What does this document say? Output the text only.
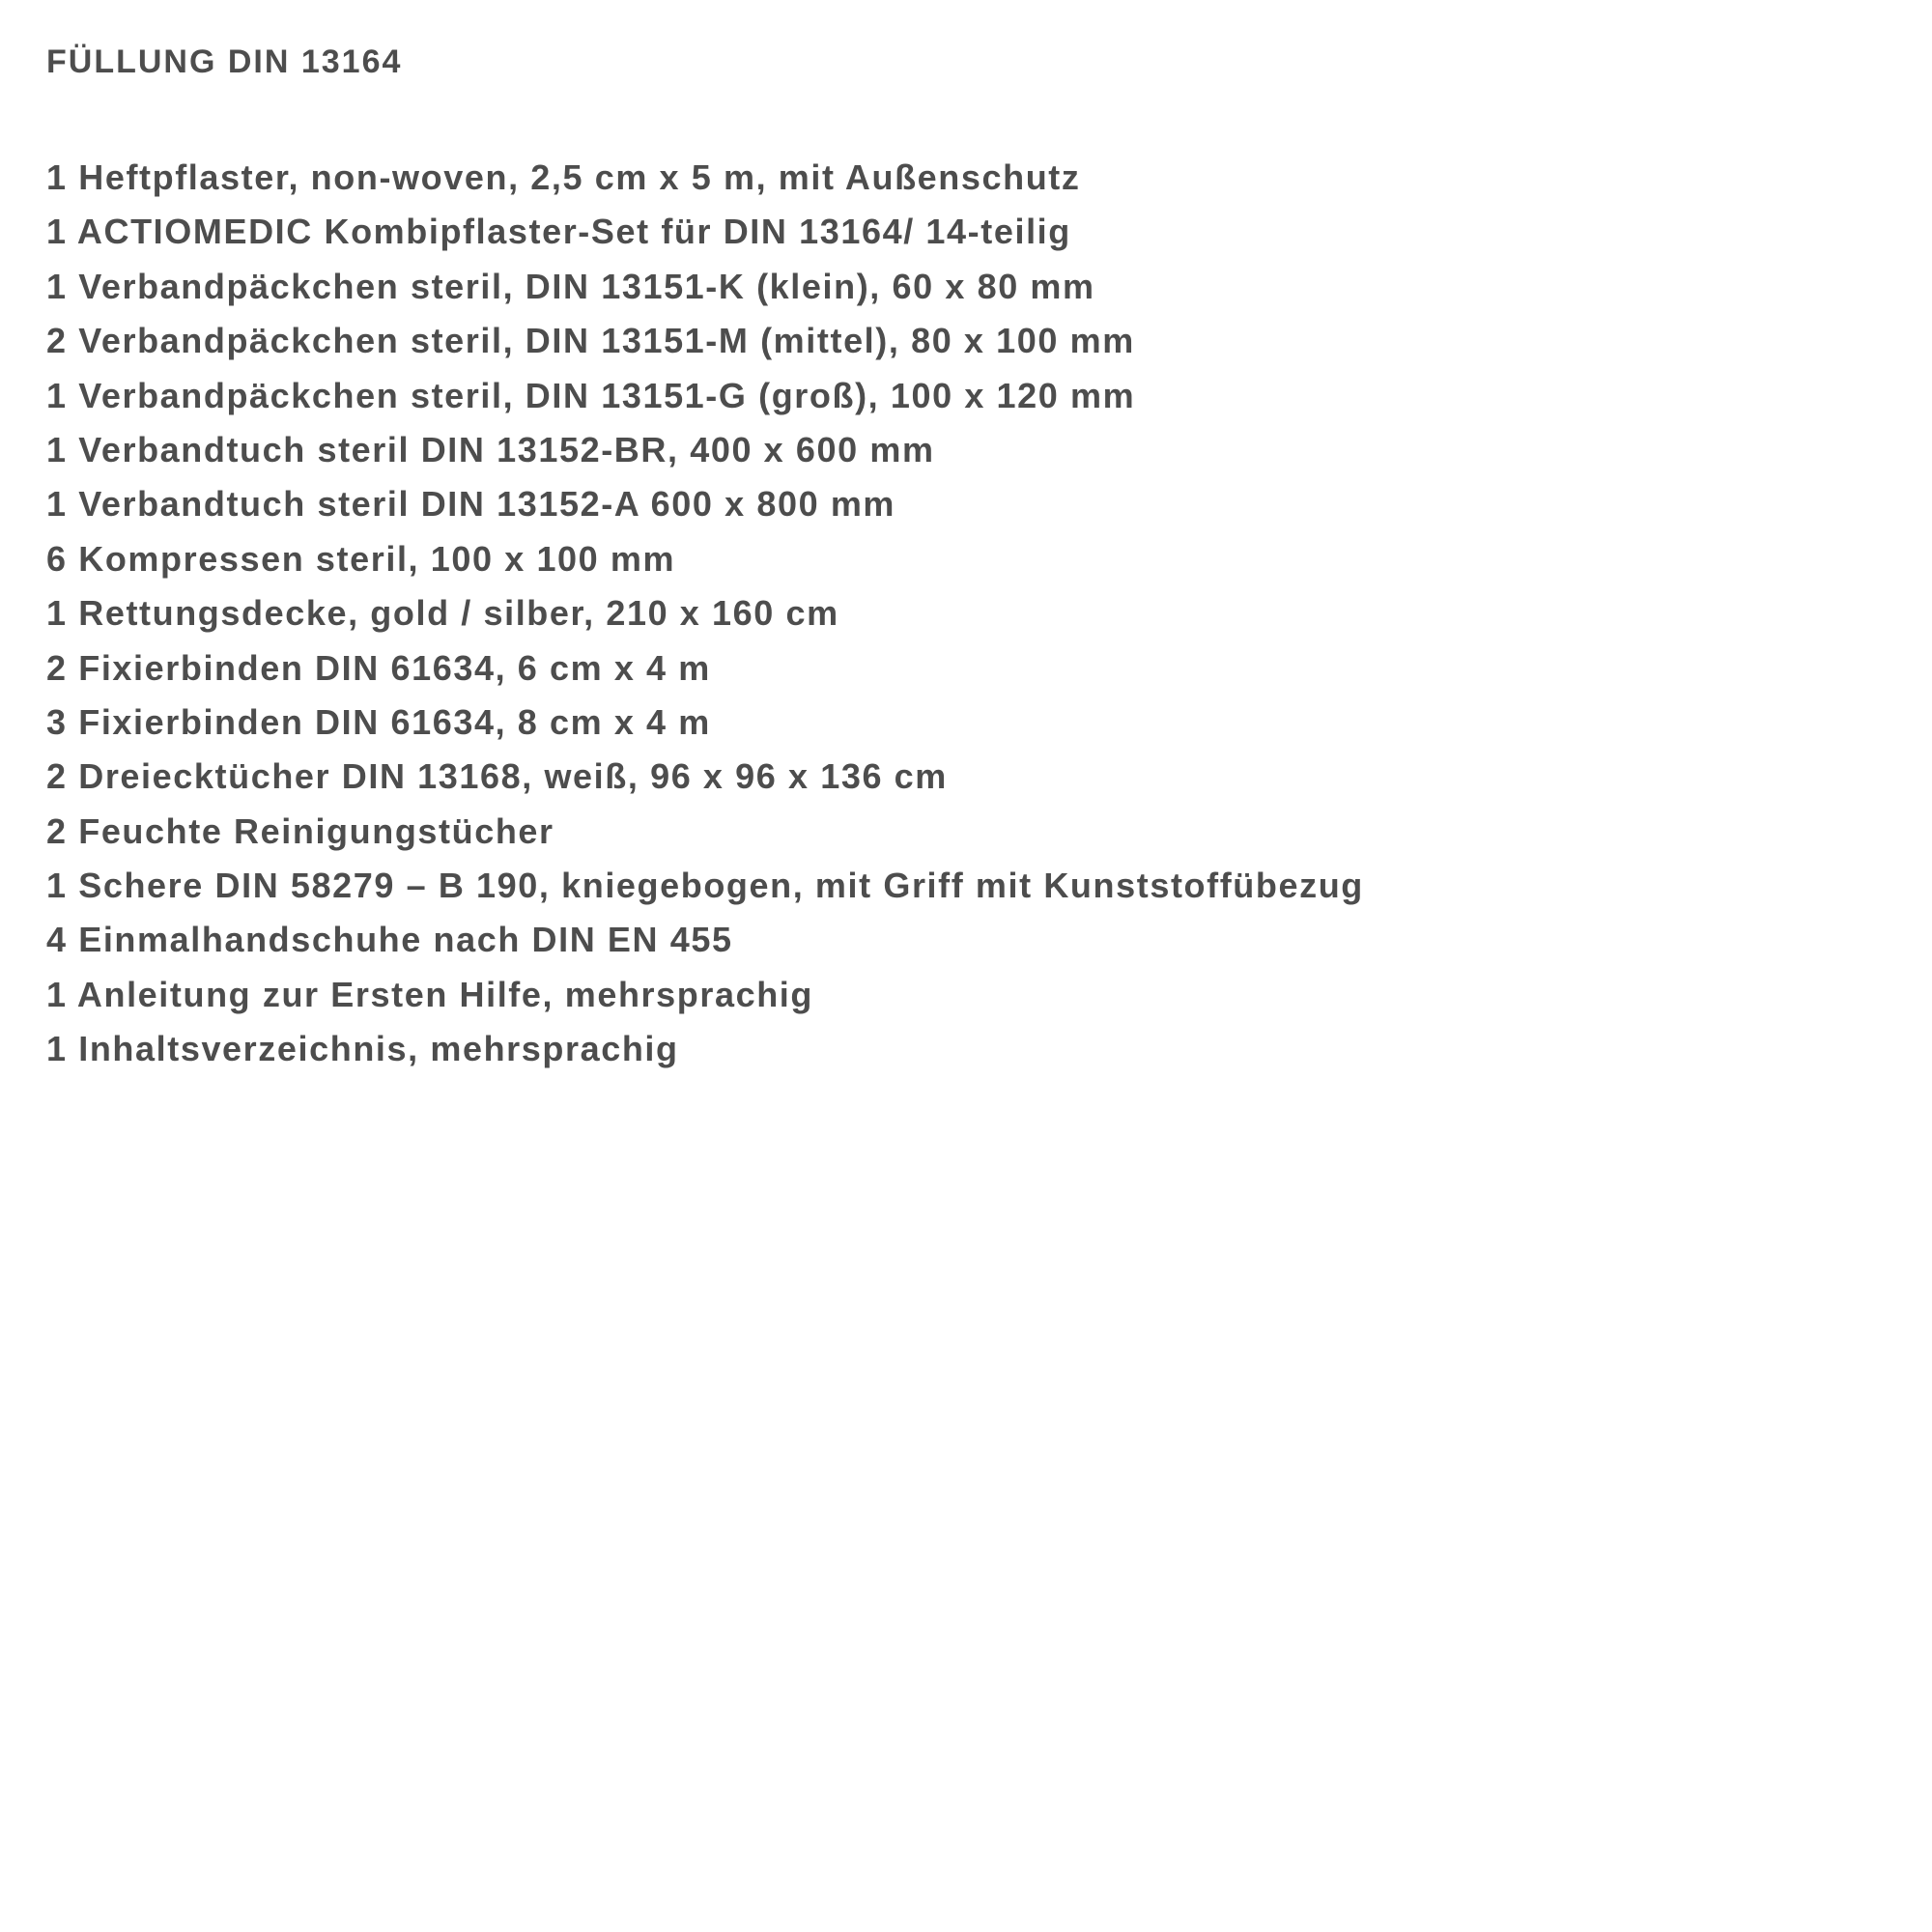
FÜLLUNG DIN 13164
1 Heftpflaster, non-woven, 2,5 cm x 5 m, mit Außenschutz
1 ACTIOMEDIC Kombipflaster-Set für DIN 13164/ 14-teilig
1 Verbandpäckchen steril, DIN 13151-K (klein), 60 x 80 mm
2 Verbandpäckchen steril, DIN 13151-M (mittel), 80 x 100 mm
1 Verbandpäckchen steril, DIN 13151-G (groß), 100 x 120 mm
1 Verbandtuch steril DIN 13152-BR, 400 x 600 mm
1 Verbandtuch steril DIN 13152-A 600 x 800 mm
6 Kompressen steril, 100 x 100 mm
1 Rettungsdecke, gold / silber, 210 x 160 cm
2 Fixierbinden DIN 61634, 6 cm x 4 m
3 Fixierbinden DIN 61634, 8 cm x 4 m
2 Dreiecktücher DIN 13168, weiß, 96 x 96 x 136 cm
2 Feuchte Reinigungstücher
1 Schere DIN 58279 – B 190, kniegebogen, mit Griff mit Kunststoffübezug
4 Einmalhandschuhe nach DIN EN 455
1 Anleitung zur Ersten Hilfe, mehrsprachig
1 Inhaltsverzeichnis, mehrsprachig
